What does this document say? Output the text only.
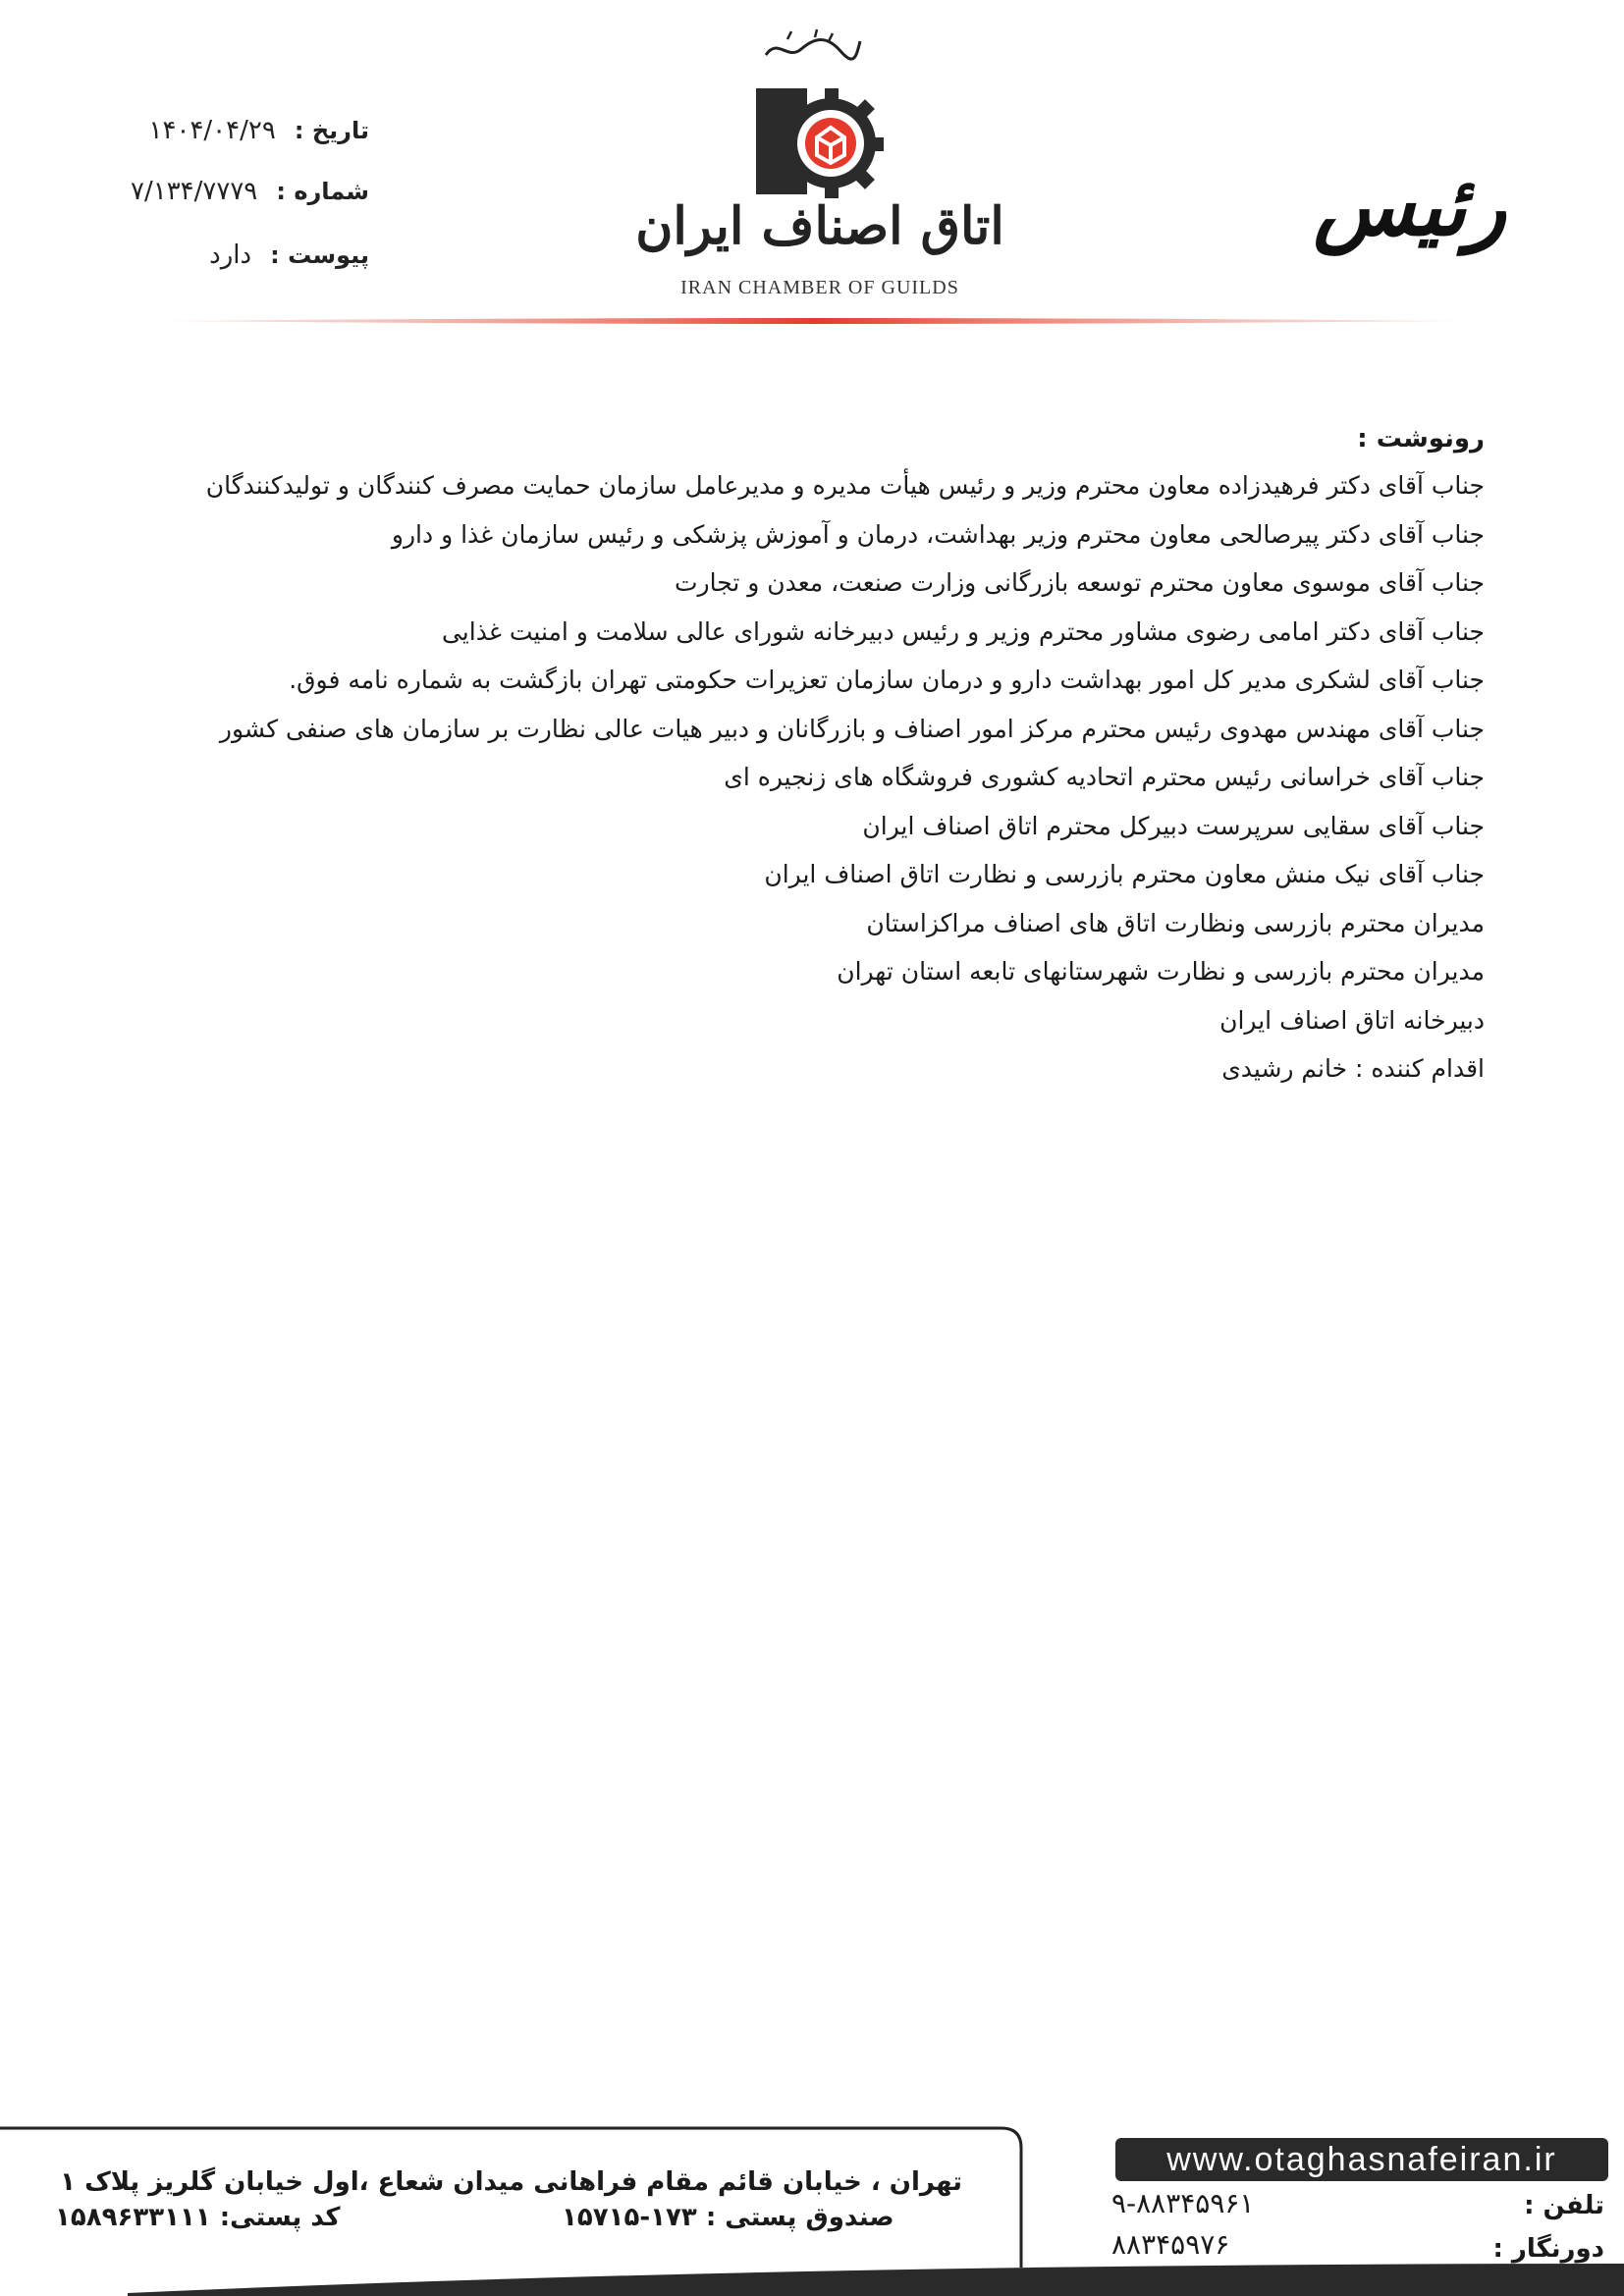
اتاق اصناف ایران
IRAN CHAMBER OF GUILDS
رئیس
تاریخ : ۱۴۰۴/۰۴/۲۹
شماره : ۷/۱۳۴/۷۷۷۹
پیوست : دارد
رونوشت :
جناب آقای دکتر فرهیدزاده معاون محترم وزیر و رئیس هیأت مدیره و مدیرعامل سازمان حمایت مصرف کنندگان و تولیدکنندگان
جناب آقای دکتر پیرصالحی معاون محترم وزیر بهداشت، درمان و آموزش پزشکی و رئیس سازمان غذا و دارو
جناب آقای موسوی معاون محترم توسعه بازرگانی وزارت صنعت، معدن و تجارت
جناب آقای دکتر امامی رضوی مشاور محترم وزیر و رئیس دبیرخانه شورای عالی سلامت و امنیت غذایی
جناب آقای لشکری مدیر کل امور بهداشت دارو و درمان سازمان تعزیرات حکومتی تهران بازگشت به شماره نامه فوق.
جناب آقای مهندس مهدوی رئیس محترم مرکز امور اصناف و بازرگانان و دبیر هیات عالی نظارت بر سازمان های صنفی کشور
جناب آقای خراسانی رئیس محترم اتحادیه کشوری فروشگاه های زنجیره ای
جناب آقای سقایی سرپرست دبیرکل محترم اتاق اصناف ایران
جناب آقای نیک منش معاون محترم بازرسی و نظارت اتاق اصناف ایران
مدیران محترم بازرسی ونظارت اتاق های اصناف مراکزاستان
مدیران محترم بازرسی و نظارت شهرستانهای تابعه استان تهران
دبیرخانه اتاق اصناف ایران
اقدام کننده : خانم رشیدی
www.otaghasnafeiran.ir
تلفن :
۹-۸۸۳۴۵۹۶۱
دورنگار :
۸۸۳۴۵۹۷۶
تهران ، خیابان قائم مقام فراهانی میدان شعاع ،اول خیابان گلریز پلاک ۱
صندوق پستی : ۱۷۳-۱۵۷۱۵
کد پستی: ۱۵۸۹۶۳۳۱۱۱
